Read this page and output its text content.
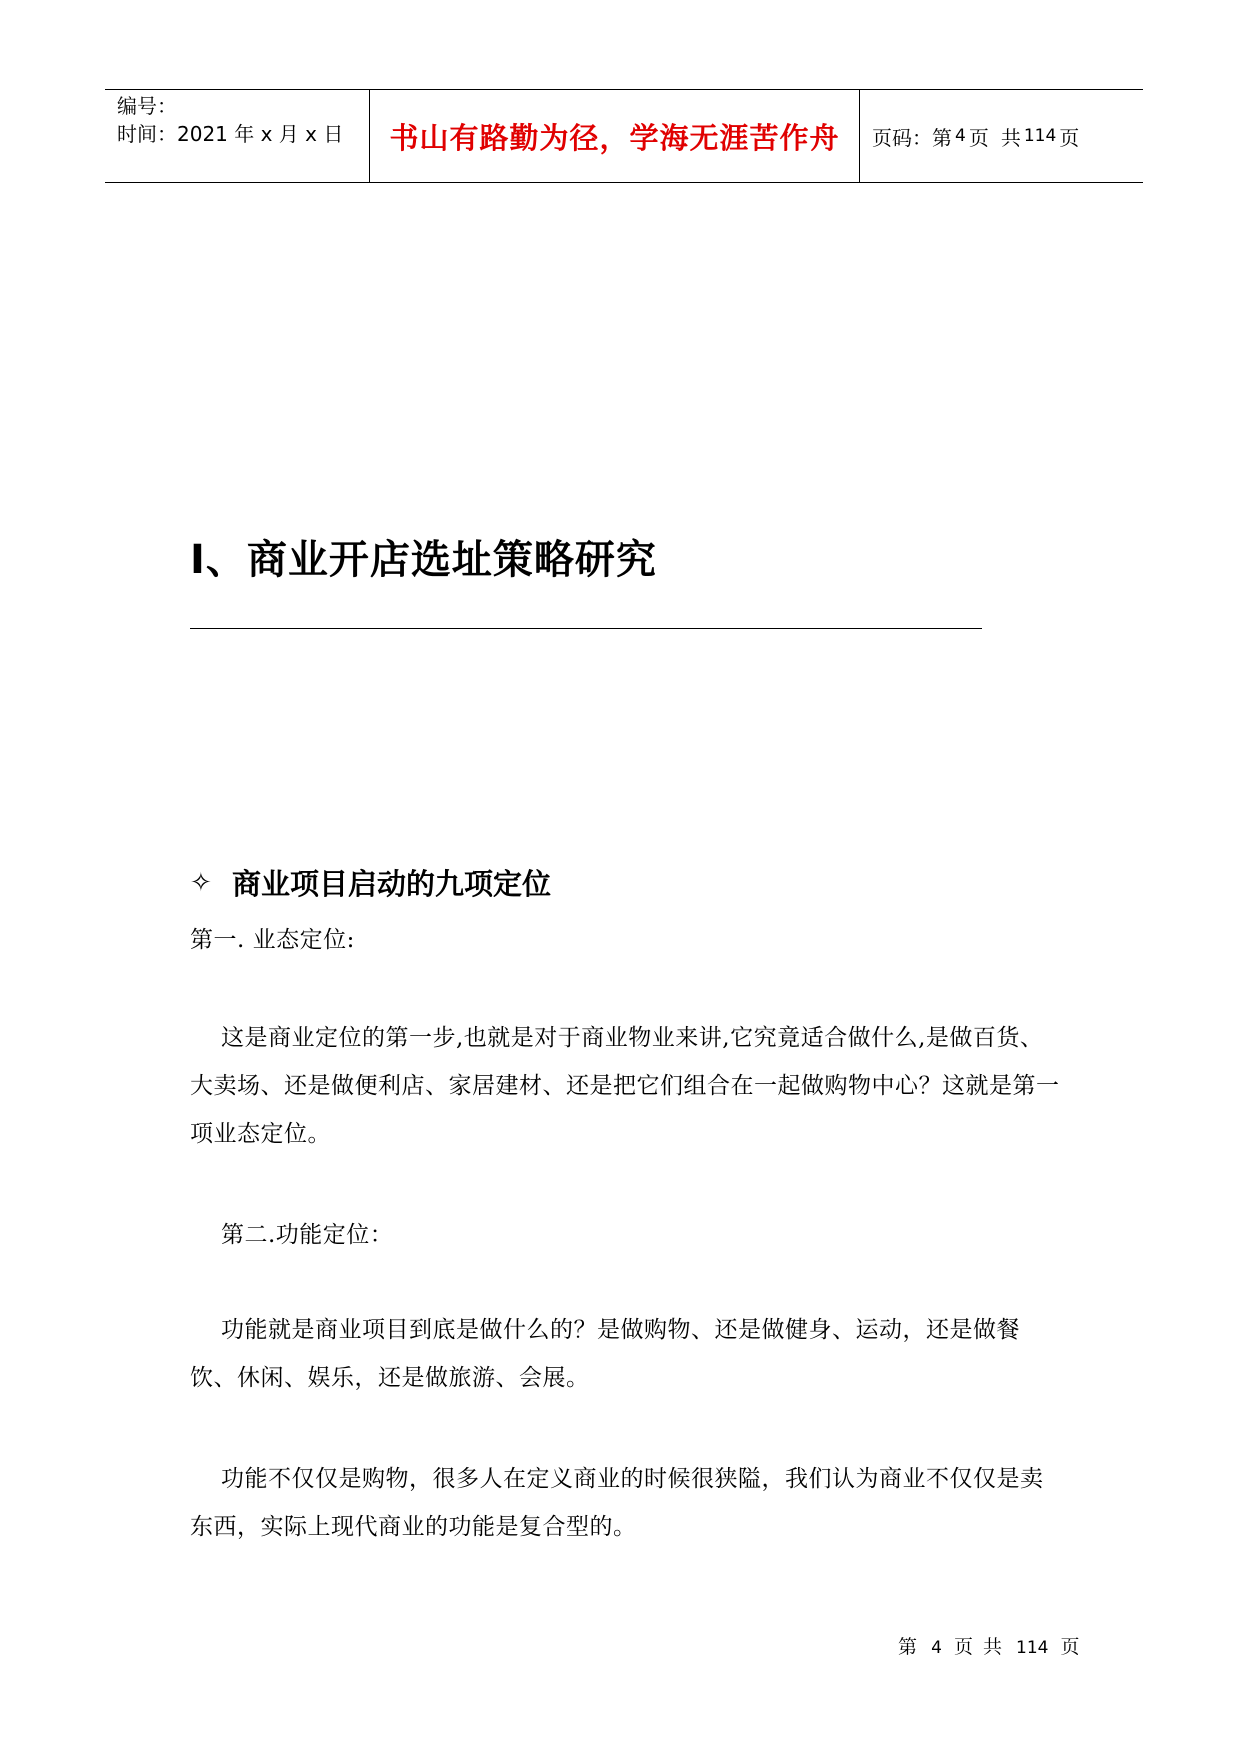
编号：
时间：2021 年 x 月 x 日	书山有路勤为径，学海无涯苦作舟	页码：第 4 页 共 114 页
I、商业开店选址策略研究
✧ 商业项目启动的九项定位
第一. 业态定位:
这是商业定位的第一步,也就是对于商业物业来讲,它究竟适合做什么,是做百货、大卖场、还是做便利店、家居建材、还是把它们组合在一起做购物中心？这就是第一项业态定位。
第二.功能定位：
功能就是商业项目到底是做什么的？是做购物、还是做健身、运动，还是做餐饮、休闲、娱乐，还是做旅游、会展。
功能不仅仅是购物，很多人在定义商业的时候很狭隘，我们认为商业不仅仅是卖东西，实际上现代商业的功能是复合型的。
第 4 页 共 114 页
